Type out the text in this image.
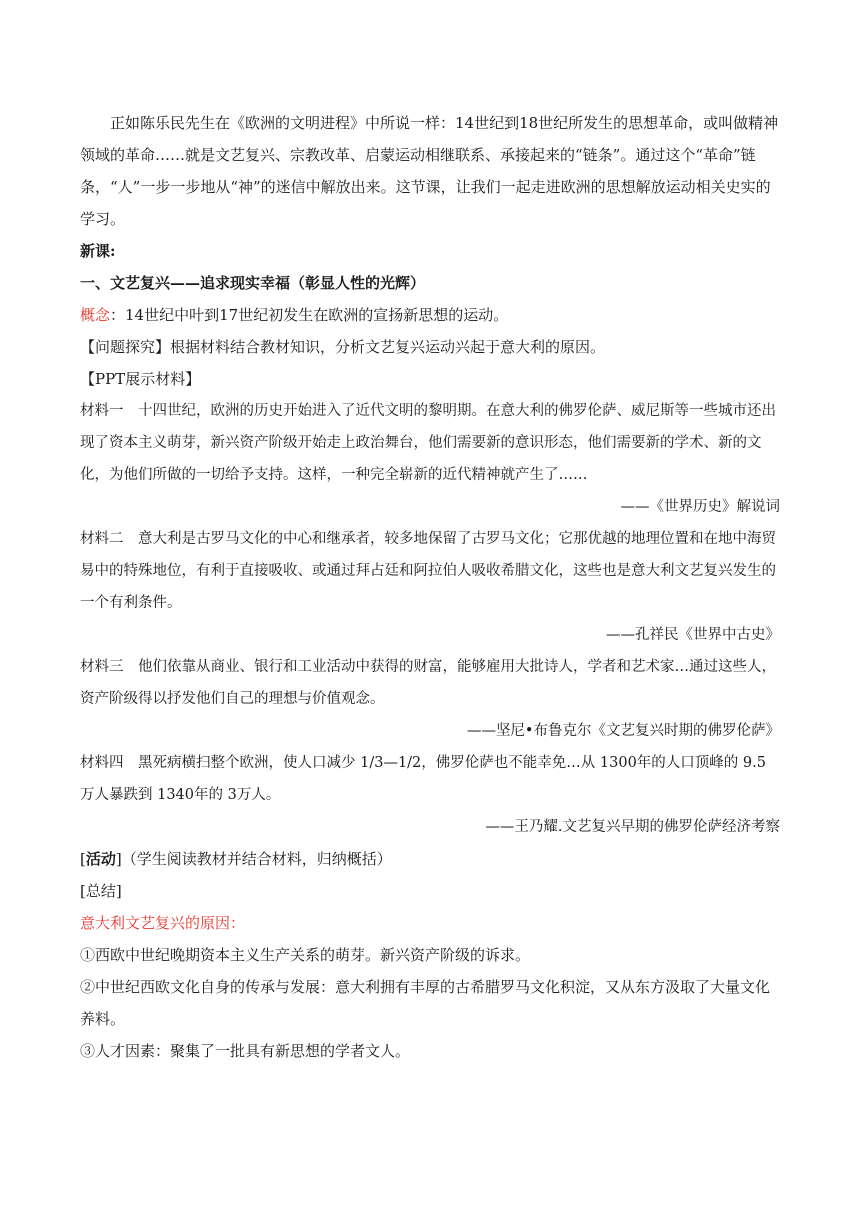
正如陈乐民先生在《欧洲的文明进程》中所说一样：14世纪到18世纪所发生的思想革命，或叫做精神领域的革命……就是文艺复兴、宗教改革、启蒙运动相继联系、承接起来的“链条”。通过这个“革命”链条，“人”一步一步地从“神”的迷信中解放出来。这节课，让我们一起走进欧洲的思想解放运动相关史实的学习。

新课:

一、文艺复兴——追求现实幸福（彰显人性的光辉）

概念：14世纪中叶到17世纪初发生在欧洲的宣扬新思想的运动。

【问题探究】根据材料结合教材知识，分析文艺复兴运动兴起于意大利的原因。

【PPT展示材料】

材料一　十四世纪，欧洲的历史开始进入了近代文明的黎明期。在意大利的佛罗伦萨、威尼斯等一些城市还出现了资本主义萌芽，新兴资产阶级开始走上政治舞台，他们需要新的意识形态，他们需要新的学术、新的文化，为他们所做的一切给予支持。这样，一种完全崭新的近代精神就产生了……

——《世界历史》解说词

材料二　意大利是古罗马文化的中心和继承者，较多地保留了古罗马文化；它那优越的地理位置和在地中海贸易中的特殊地位，有利于直接吸收、或通过拜占廷和阿拉伯人吸收希腊文化，这些也是意大利文艺复兴发生的一个有利条件。

——孔祥民《世界中古史》

材料三　他们依靠从商业、银行和工业活动中获得的财富，能够雇用大批诗人，学者和艺术家…通过这些人，资产阶级得以抒发他们自己的理想与价值观念。

——坚尼•布鲁克尔《文艺复兴时期的佛罗伦萨》

材料四　黑死病横扫整个欧洲，使人口减少 1/3—1/2，佛罗伦萨也不能幸免…从 1300年的人口顶峰的 9.5万人暴跌到 1340年的 3万人。

——王乃耀.文艺复兴早期的佛罗伦萨经济考察

[活动]（学生阅读教材并结合材料，归纳概括）

[总结]

意大利文艺复兴的原因：

①西欧中世纪晚期资本主义生产关系的萌芽。新兴资产阶级的诉求。

②中世纪西欧文化自身的传承与发展：意大利拥有丰厚的古希腊罗马文化积淀，又从东方汲取了大量文化养料。

③人才因素：聚集了一批具有新思想的学者文人。
